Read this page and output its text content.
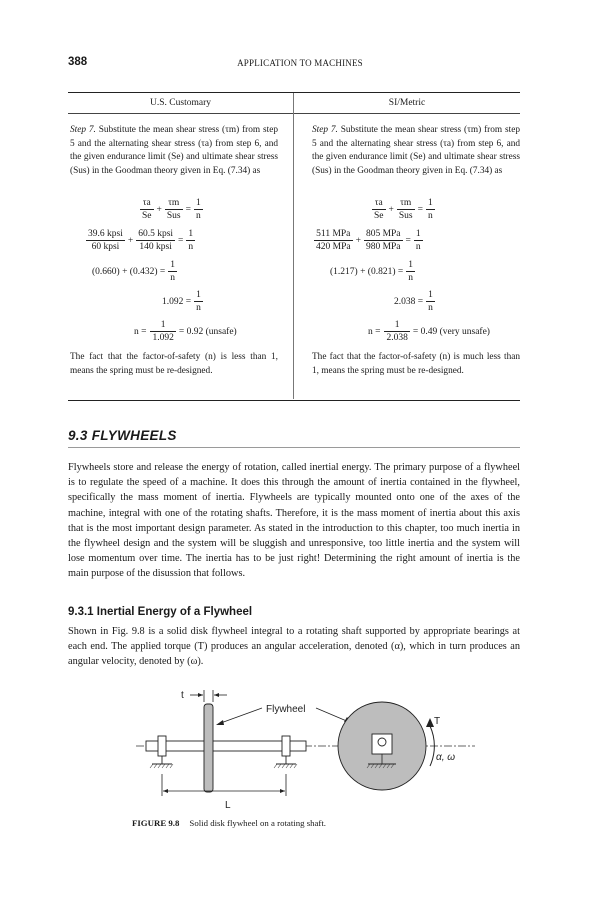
388	APPLICATION TO MACHINES
U.S. Customary	SI/Metric
Step 7. Substitute the mean shear stress (τm) from step 5 and the alternating shear stress (τa) from step 6, and the given endurance limit (Se) and ultimate shear stress (Sus) in the Goodman theory given in Eq. (7.34) as
Step 7. Substitute the mean shear stress (τm) from step 5 and the alternating shear stress (τa) from step 6, and the given endurance limit (Se) and ultimate shear stress (Sus) in the Goodman theory given in Eq. (7.34) as
$\frac{\tau a}{Se} + \frac{\tau m}{\text{Sus}} = \frac{1}{n}$
$\frac{\text{39.6 kpsi}}{\text{60 kpsi}} + \frac{\text{60.5 kpsi}}{\text{140 kpsi}} = \frac{1}{n}$
$(0.660) + (0.432) = \frac{1}{n}$
$1.092 = \frac{1}{n}$
$n = \frac{1}{1.092} = 0.92$ (unsafe)
The fact that the factor-of-safety (n) is less than 1, means the spring must be re-designed.
$\frac{\tau a}{Se} + \frac{\tau m}{\text{Sus}} = \frac{1}{n}$
$\frac{\text{511 MPa}}{\text{420 MPa}} + \frac{\text{805 MPa}}{\text{980 MPa}} = \frac{1}{n}$
$(1.217) + (0.821) = \frac{1}{n}$
$2.038 = \frac{1}{n}$
$n = \frac{1}{2.038} = 0.49$ (very unsafe)
The fact that the factor-of-safety (n) is much less than 1, means the spring must be re-designed.
9.3 FLYWHEELS
Flywheels store and release the energy of rotation, called inertial energy. The primary purpose of a flywheel is to regulate the speed of a machine. It does this through the amount of inertia contained in the flywheel, specifically the mass moment of inertia. Flywheels are typically mounted onto one of the axes of the machine, integral with one of the rotating shafts. Therefore, it is the mass moment of inertia about this axis that is the most important design parameter. As stated in the introduction to this chapter, too much inertia in the flywheel design and the system will be sluggish and unresponsive, too little inertia and the system will lose momentum over time. The inertia has to be just right! Determining the right amount of inertia is the main purpose of the disussion that follows.
9.3.1 Inertial Energy of a Flywheel
Shown in Fig. 9.8 is a solid disk flywheel integral to a rotating shaft supported by appropriate bearings at each end. The applied torque (T) produces an angular acceleration, denoted (α), which in turn produces an angular velocity, denoted by (ω).
t
Flywheel
T
α, ω
L
FIGURE 9.8 Solid disk flywheel on a rotating shaft.
